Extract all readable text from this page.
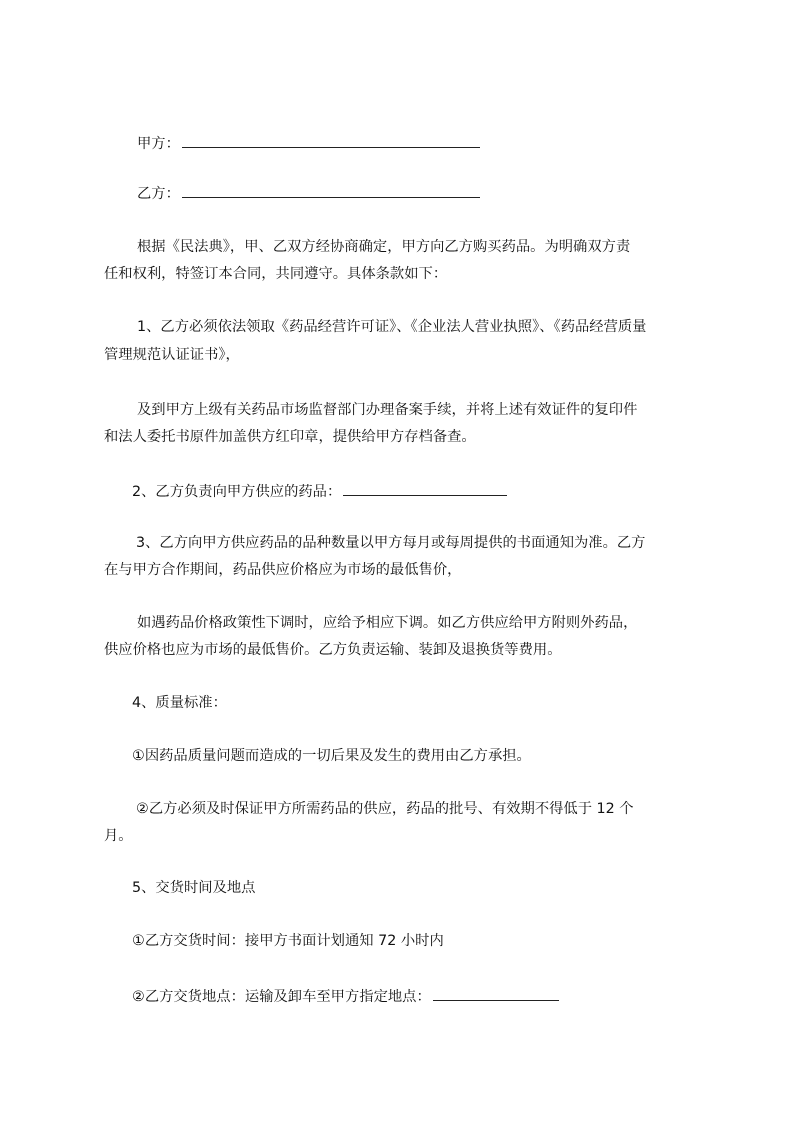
甲方：
乙方：
根据《民法典》，甲、乙双方经协商确定，甲方向乙方购买药品。为明确双方责
任和权利，特签订本合同，共同遵守。具体条款如下：
1、乙方必须依法领取《药品经营许可证》、《企业法人营业执照》、《药品经营质量
管理规范认证证书》，
及到甲方上级有关药品市场监督部门办理备案手续，并将上述有效证件的复印件
和法人委托书原件加盖供方红印章，提供给甲方存档备查。
2、乙方负责向甲方供应的药品：
3、乙方向甲方供应药品的品种数量以甲方每月或每周提供的书面通知为准。乙方
在与甲方合作期间，药品供应价格应为市场的最低售价，
如遇药品价格政策性下调时，应给予相应下调。如乙方供应给甲方附则外药品，
供应价格也应为市场的最低售价。乙方负责运输、装卸及退换货等费用。
4、质量标准：
①因药品质量问题而造成的一切后果及发生的费用由乙方承担。
②乙方必须及时保证甲方所需药品的供应，药品的批号、有效期不得低于 12 个
月。
5、交货时间及地点
①乙方交货时间：接甲方书面计划通知 72 小时内
②乙方交货地点：运输及卸车至甲方指定地点：
